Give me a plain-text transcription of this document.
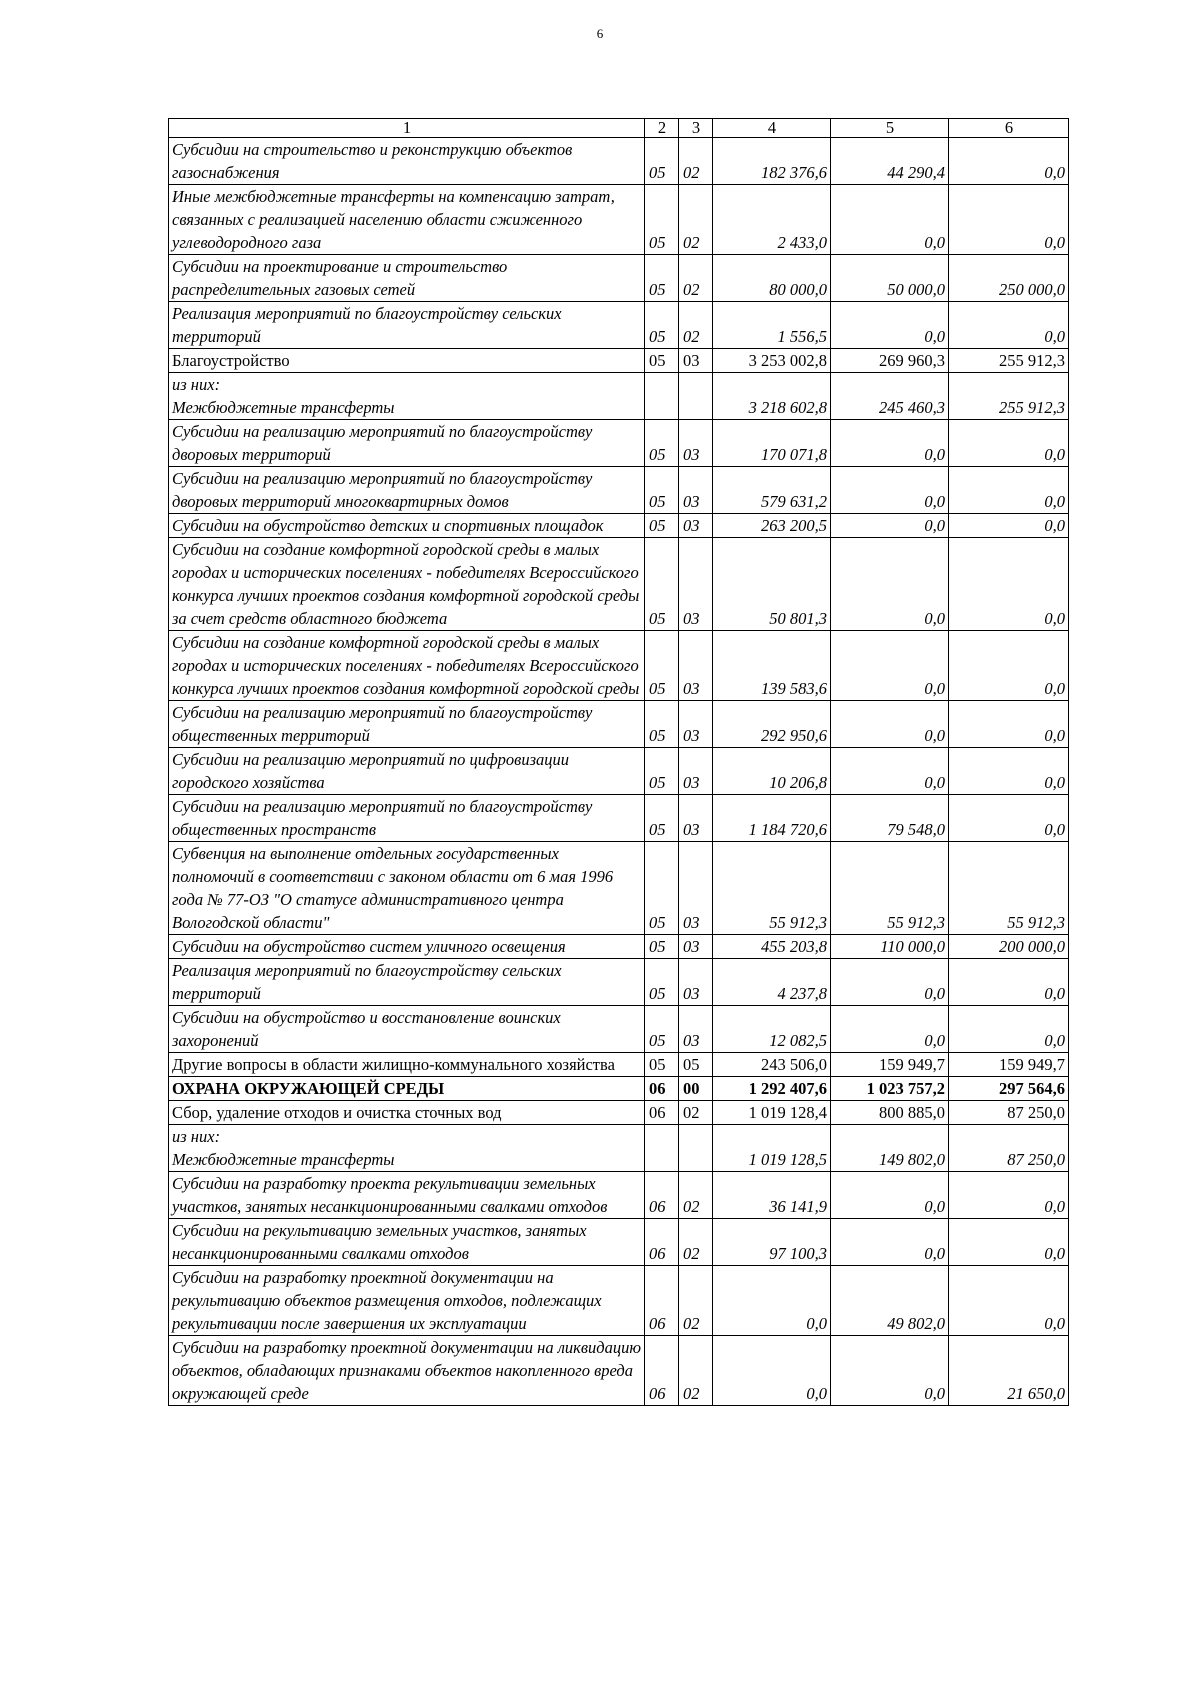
6
1	2	3	4	5	6
Субсидии на строительство и реконструкцию объектов газоснабжения	05	02	182 376,6	44 290,4	0,0
Иные межбюджетные трансферты на компенсацию затрат, связанных с реализацией населению области сжиженного углеводородного газа	05	02	2 433,0	0,0	0,0
Субсидии на проектирование и строительство распределительных газовых сетей	05	02	80 000,0	50 000,0	250 000,0
Реализация мероприятий по благоустройству сельских территорий	05	02	1 556,5	0,0	0,0
Благоустройство	05	03	3 253 002,8	269 960,3	255 912,3
из них:
Межбюджетные трансферты			3 218 602,8	245 460,3	255 912,3
Субсидии на реализацию мероприятий по благоустройству дворовых территорий	05	03	170 071,8	0,0	0,0
Субсидии на реализацию мероприятий по благоустройству дворовых территорий многоквартирных домов	05	03	579 631,2	0,0	0,0
Субсидии на обустройство детских и спортивных площадок	05	03	263 200,5	0,0	0,0
Субсидии на создание комфортной городской среды в малых городах и исторических поселениях - победителях Всероссийского конкурса лучших проектов создания комфортной городской среды за счет средств областного бюджета	05	03	50 801,3	0,0	0,0
Субсидии на создание комфортной городской среды в малых городах и исторических поселениях - победителях Всероссийского конкурса лучших проектов создания комфортной городской среды	05	03	139 583,6	0,0	0,0
Субсидии на реализацию мероприятий по благоустройству общественных территорий	05	03	292 950,6	0,0	0,0
Субсидии на реализацию мероприятий по цифровизации городского хозяйства	05	03	10 206,8	0,0	0,0
Субсидии на реализацию мероприятий по благоустройству общественных пространств	05	03	1 184 720,6	79 548,0	0,0
Субвенция на выполнение отдельных государственных полномочий в соответствии с законом области от 6 мая 1996 года № 77-ОЗ "О статусе административного центра Вологодской области"	05	03	55 912,3	55 912,3	55 912,3
Субсидии на обустройство систем уличного освещения	05	03	455 203,8	110 000,0	200 000,0
Реализация мероприятий по благоустройству сельских территорий	05	03	4 237,8	0,0	0,0
Субсидии на обустройство и восстановление воинских захоронений	05	03	12 082,5	0,0	0,0
Другие вопросы в области жилищно-коммунального хозяйства	05	05	243 506,0	159 949,7	159 949,7
ОХРАНА ОКРУЖАЮЩЕЙ СРЕДЫ	06	00	1 292 407,6	1 023 757,2	297 564,6
Сбор, удаление отходов и очистка сточных вод	06	02	1 019 128,4	800 885,0	87 250,0
из них:
Межбюджетные трансферты			1 019 128,5	149 802,0	87 250,0
Субсидии на разработку проекта рекультивации земельных участков, занятых несанкционированными свалками отходов	06	02	36 141,9	0,0	0,0
Субсидии на рекультивацию земельных участков, занятых несанкционированными свалками отходов	06	02	97 100,3	0,0	0,0
Субсидии на разработку проектной документации на рекультивацию объектов размещения отходов, подлежащих рекультивации после завершения их эксплуатации	06	02	0,0	49 802,0	0,0
Субсидии на разработку проектной документации на ликвидацию объектов, обладающих признаками объектов накопленного вреда окружающей среде	06	02	0,0	0,0	21 650,0
